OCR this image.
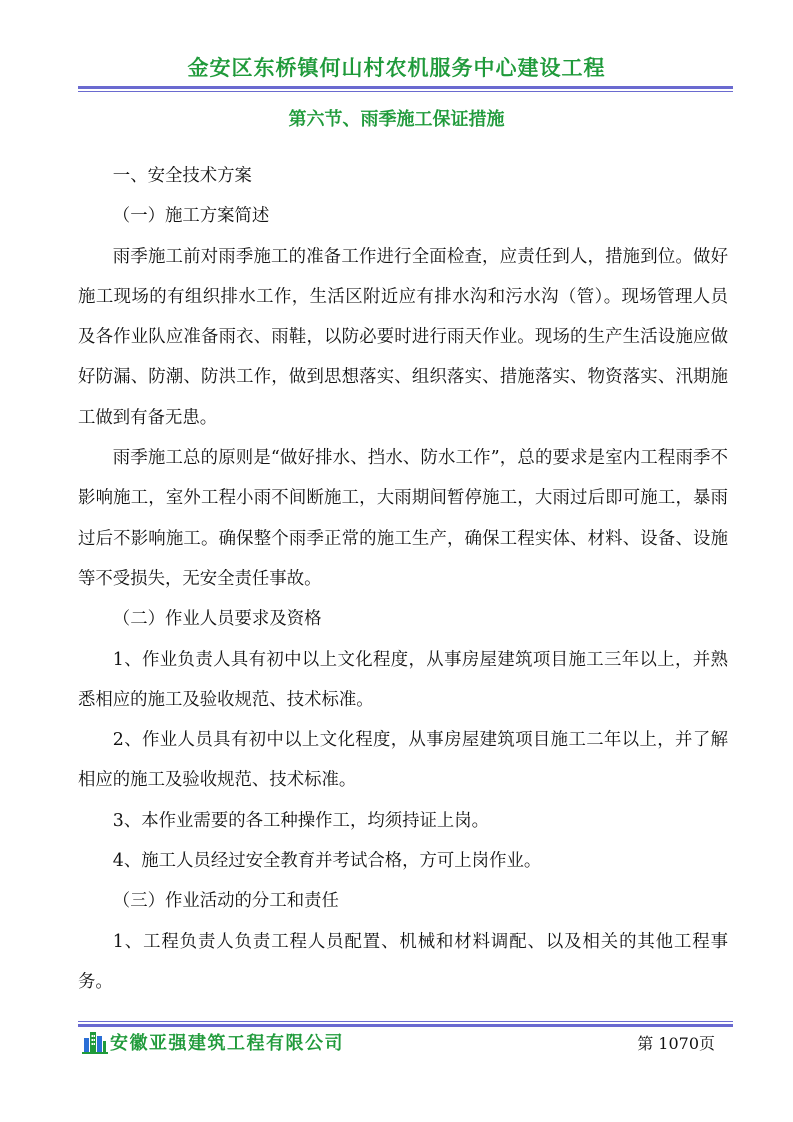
金安区东桥镇何山村农机服务中心建设工程
第六节、雨季施工保证措施

一、安全技术方案

（一）施工方案简述

雨季施工前对雨季施工的准备工作进行全面检查，应责任到人，措施到位。做好施工现场的有组织排水工作，生活区附近应有排水沟和污水沟（管）。现场管理人员及各作业队应准备雨衣、雨鞋，以防必要时进行雨天作业。现场的生产生活设施应做好防漏、防潮、防洪工作，做到思想落实、组织落实、措施落实、物资落实、汛期施工做到有备无患。

雨季施工总的原则是“做好排水、挡水、防水工作”，总的要求是室内工程雨季不影响施工，室外工程小雨不间断施工，大雨期间暂停施工，大雨过后即可施工，暴雨过后不影响施工。确保整个雨季正常的施工生产，确保工程实体、材料、设备、设施等不受损失，无安全责任事故。

（二）作业人员要求及资格

1、作业负责人具有初中以上文化程度，从事房屋建筑项目施工三年以上，并熟悉相应的施工及验收规范、技术标准。

2、作业人员具有初中以上文化程度，从事房屋建筑项目施工二年以上，并了解相应的施工及验收规范、技术标准。

3、本作业需要的各工种操作工，均须持证上岗。

4、施工人员经过安全教育并考试合格，方可上岗作业。

（三）作业活动的分工和责任

1、工程负责人负责工程人员配置、机械和材料调配、以及相关的其他工程事务。

安徽亚强建筑工程有限公司	第 1070页
